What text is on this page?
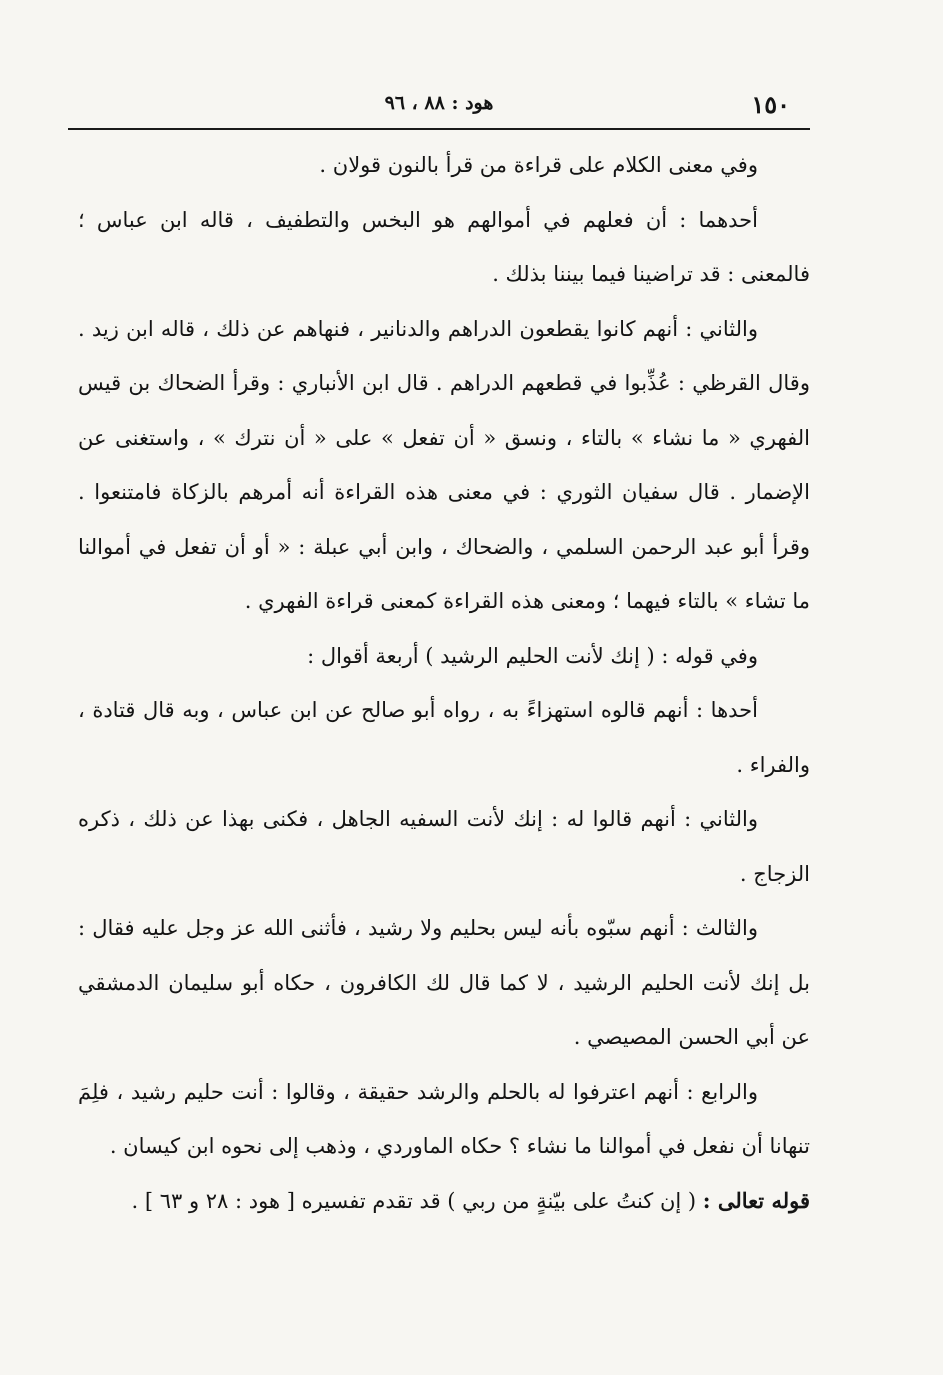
١٥٠
هود : ٨٨ ، ٩٦

وفي معنى الكلام على قراءة من قرأ بالنون قولان .

أحدهما : أن فعلهم في أموالهم هو البخس والتطفيف ، قاله ابن عباس ؛ فالمعنى : قد تراضينا فيما بيننا بذلك .

والثاني : أنهم كانوا يقطعون الدراهم والدنانير ، فنهاهم عن ذلك ، قاله ابن زيد . وقال القرظي : عُذِّبوا في قطعهم الدراهم . قال ابن الأنباري : وقرأ الضحاك بن قيس الفهري « ما نشاء » بالتاء ، ونسق « أن تفعل » على « أن نترك » ، واستغنى عن الإضمار . قال سفيان الثوري : في معنى هذه القراءة أنه أمرهم بالزكاة فامتنعوا . وقرأ أبو عبد الرحمن السلمي ، والضحاك ، وابن أبي عبلة : « أو أن تفعل في أموالنا ما تشاء » بالتاء فيهما ؛ ومعنى هذه القراءة كمعنى قراءة الفهري .

وفي قوله : ( إنك لأنت الحليم الرشيد ) أربعة أقوال :

أحدها : أنهم قالوه استهزاءً به ، رواه أبو صالح عن ابن عباس ، وبه قال قتادة ، والفراء .

والثاني : أنهم قالوا له : إنك لأنت السفيه الجاهل ، فكنى بهذا عن ذلك ، ذكره الزجاج .

والثالث : أنهم سبّوه بأنه ليس بحليم ولا رشيد ، فأثنى الله عز وجل عليه فقال : بل إنك لأنت الحليم الرشيد ، لا كما قال لك الكافرون ، حكاه أبو سليمان الدمشقي عن أبي الحسن المصيصي .

والرابع : أنهم اعترفوا له بالحلم والرشد حقيقة ، وقالوا : أنت حليم رشيد ، فلِمَ تنهانا أن نفعل في أموالنا ما نشاء ؟ حكاه الماوردي ، وذهب إلى نحوه ابن كيسان .

قوله تعالى : ( إن كنتُ على بيّنةٍ من ربي ) قد تقدم تفسيره [ هود : ٢٨ و ٦٣ ] .
